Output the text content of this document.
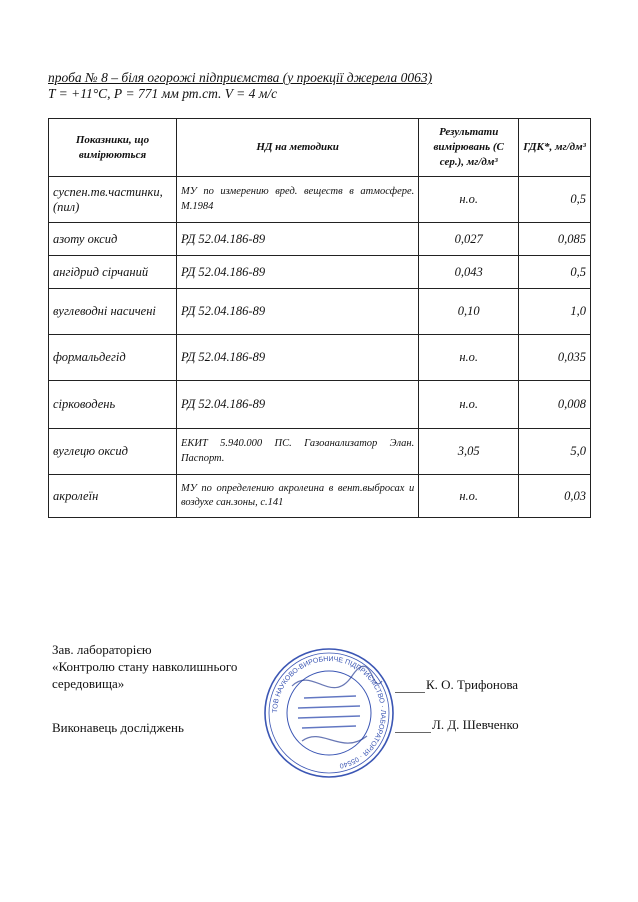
проба № 8 – біля огорожі підприємства (у проекції джерела 0063)
T = +11°С, Р = 771 мм рт.ст. V = 4 м/с
Показники, що вимірюються	НД на методики	Результати вимірювань (С сер.), мг/дм³	ГДК*, мг/дм³
суспен.тв.частинки, (пил)	МУ по измерению вред. веществ в атмосфере. М.1984	н.о.	0,5
азоту оксид	РД 52.04.186-89	0,027	0,085
ангідрид сірчаний	РД 52.04.186-89	0,043	0,5
вуглеводні насичені	РД 52.04.186-89	0,10	1,0
формальдегід	РД 52.04.186-89	н.о.	0,035
сірководень	РД 52.04.186-89	н.о.	0,008
вуглецю оксид	ЕКИТ 5.940.000 ПС. Газоанализатор Элан. Паспорт.	3,05	5,0
акролеїн	МУ по определению акролеина в вент.выбросах и воздухе сан.зоны, с.141	н.о.	0,03
Зав. лабораторією
«Контролю стану навколишнього
середовища»	К. О. Трифонова
Виконавець досліджень	Л. Д. Шевченко
ТОВ НАУКОВО-ВИРОБНИЧЕ ПІДПРИЄМСТВО · ЛАБОРАТОРІЯ · 05540
